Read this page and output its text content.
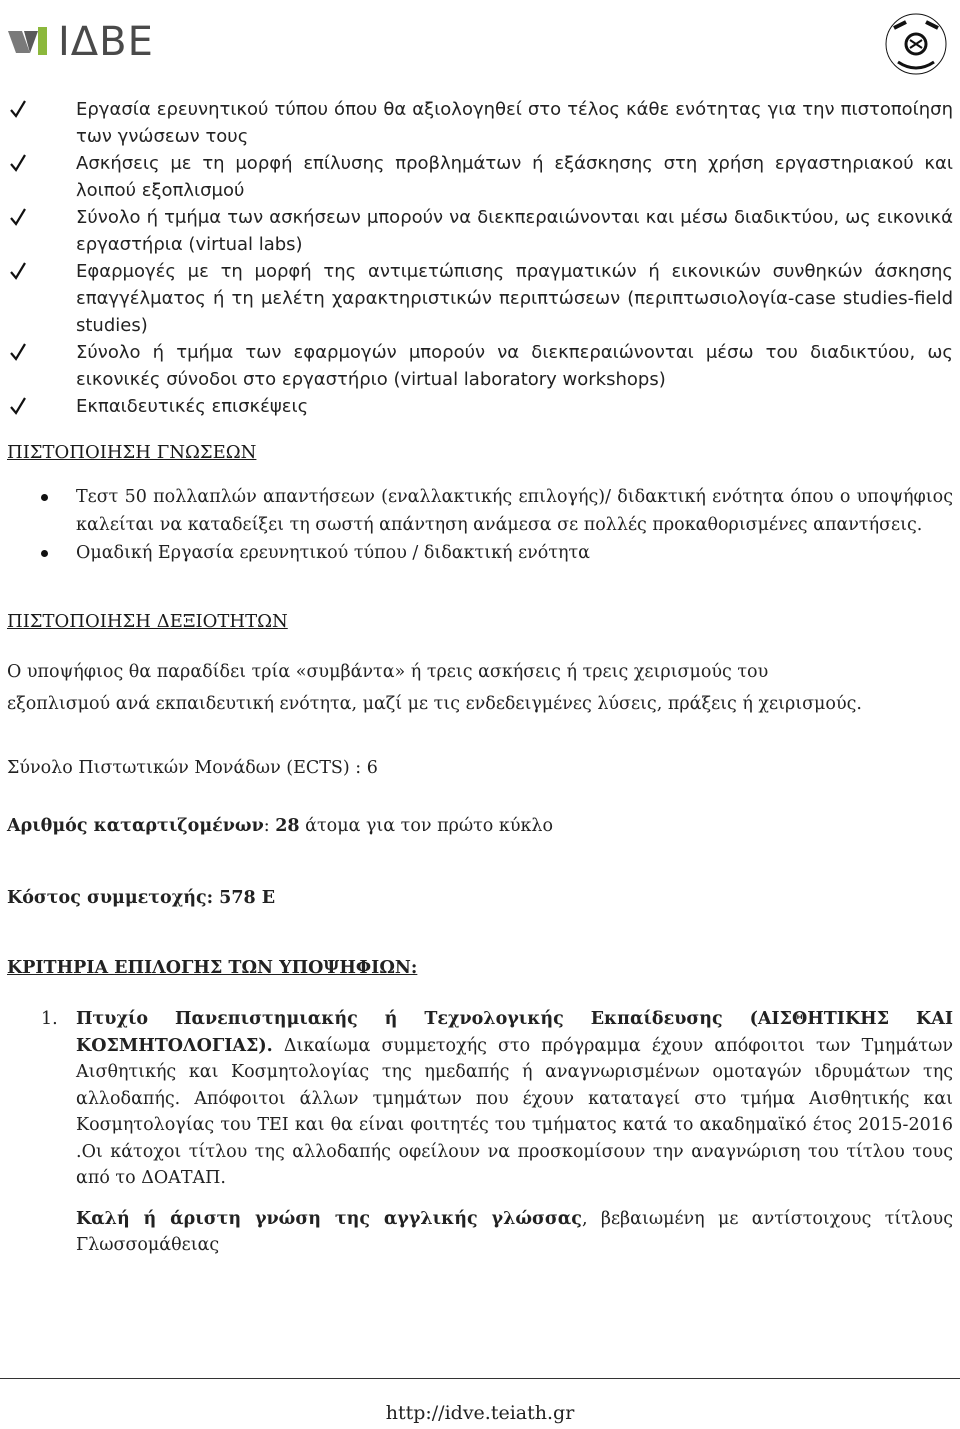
ΙΔΒΕ
Εργασία ερευνητικού τύπου όπου θα αξιολογηθεί στο τέλος κάθε ενότητας για την πιστοποίηση των γνώσεων τους
Ασκήσεις με τη μορφή επίλυσης προβλημάτων ή εξάσκησης στη χρήση εργαστηριακού και λοιπού εξοπλισμού
Σύνολο ή τμήμα των ασκήσεων μπορούν να διεκπεραιώνονται και μέσω διαδικτύου, ως εικονικά εργαστήρια (virtual labs)
Εφαρμογές με τη μορφή της αντιμετώπισης πραγματικών ή εικονικών συνθηκών άσκησης επαγγέλματος ή τη μελέτη χαρακτηριστικών περιπτώσεων (περιπτωσιολογία-case studies-field studies)
Σύνολο ή τμήμα των εφαρμογών μπορούν να διεκπεραιώνονται μέσω του διαδικτύου, ως εικονικές σύνοδοι στο εργαστήριο (virtual laboratory workshops)
Εκπαιδευτικές επισκέψεις

ΠΙΣΤΟΠΟΙΗΣΗ ΓΝΩΣΕΩΝ

Τεστ 50 πολλαπλών απαντήσεων (εναλλακτικής επιλογής)/ διδακτική ενότητα όπου ο υποψήφιος καλείται να καταδείξει τη σωστή απάντηση ανάμεσα σε πολλές προκαθορισμένες απαντήσεις.
Ομαδική Εργασία ερευνητικού τύπου / διδακτική ενότητα

ΠΙΣΤΟΠΟΙΗΣΗ ΔΕΞΙΟΤΗΤΩΝ

Ο υποψήφιος θα παραδίδει τρία «συμβάντα» ή τρεις ασκήσεις ή τρεις χειρισμούς του

εξοπλισμού ανά εκπαιδευτική ενότητα, μαζί με τις ενδεδειγμένες λύσεις, πράξεις ή χειρισμούς.

Σύνολο Πιστωτικών Μονάδων (ECTS) : 6

Αριθμός καταρτιζομένων: 28 άτομα για τον πρώτο κύκλο

Κόστος συμμετοχής: 578 Ε

ΚΡΙΤΗΡΙΑ ΕΠΙΛΟΓΗΣ ΤΩΝ ΥΠΟΨΗΦΙΩΝ:

1. Πτυχίο Πανεπιστημιακής ή Τεχνολογικής Εκπαίδευσης (ΑΙΣΘΗΤΙΚΗΣ ΚΑΙ ΚΟΣΜΗΤΟΛΟΓΙΑΣ). Δικαίωμα συμμετοχής στο πρόγραμμα έχουν απόφοιτοι των Τμημάτων Αισθητικής και Κοσμητολογίας της ημεδαπής ή αναγνωρισμένων ομοταγών ιδρυμάτων της αλλοδαπής. Απόφοιτοι άλλων τμημάτων που έχουν καταταγεί στο τμήμα Αισθητικής και Κοσμητολογίας του ΤΕΙ και θα είναι φοιτητές του τμήματος κατά το ακαδημαϊκό έτος 2015-2016 .Οι κάτοχοι τίτλου της αλλοδαπής οφείλουν να προσκομίσουν την αναγνώριση του τίτλου τους από το ΔΟΑΤΑΠ.

Καλή ή άριστη γνώση της αγγλικής γλώσσας, βεβαιωμένη με αντίστοιχους τίτλους Γλωσσομάθειας

http://idve.teiath.gr
